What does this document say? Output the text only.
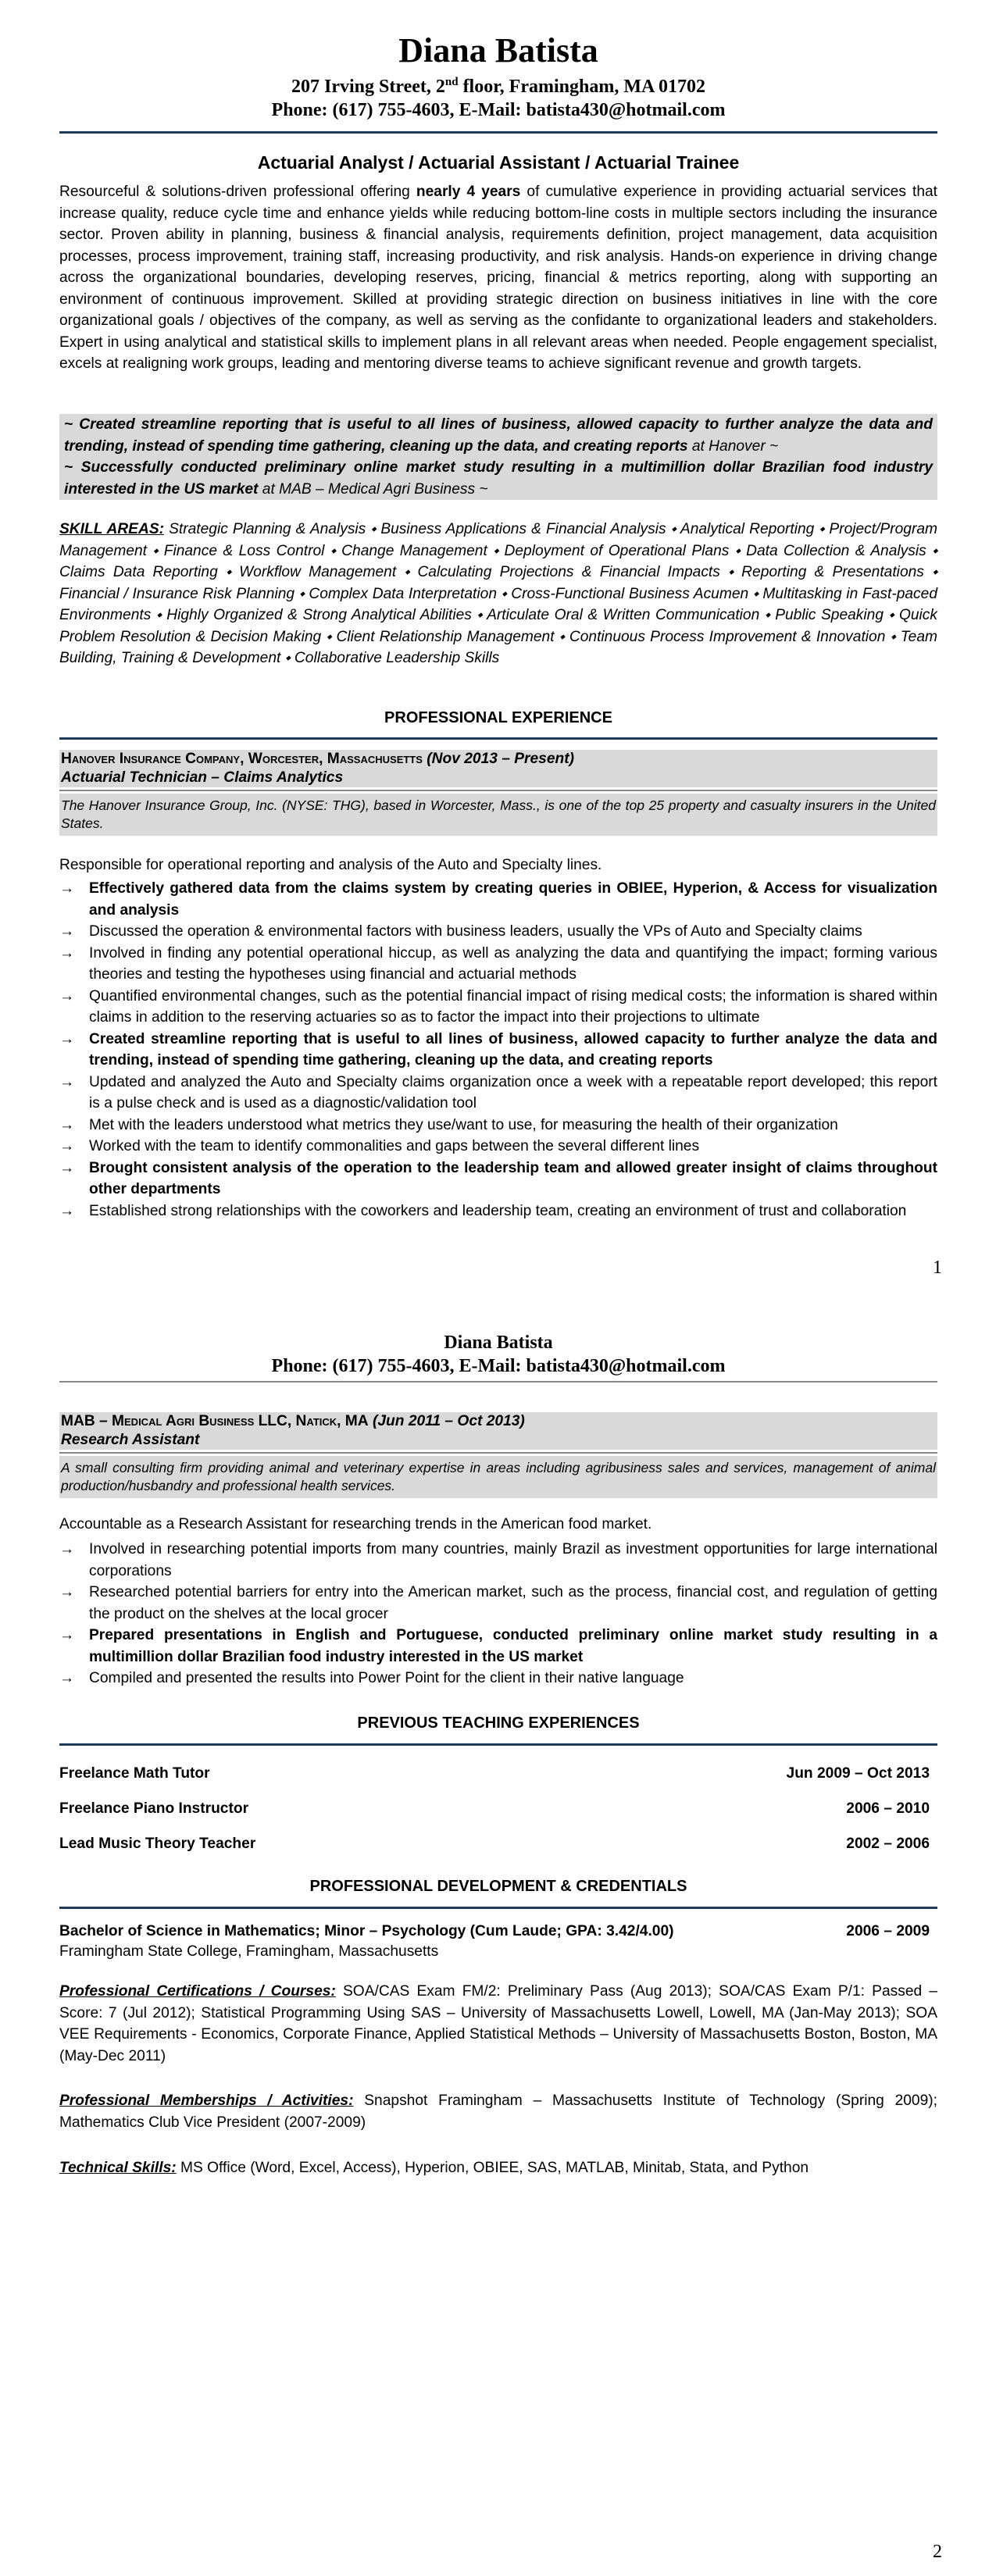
Diana Batista
207 Irving Street, 2nd floor, Framingham, MA 01702
Phone: (617) 755-4603, E-Mail: batista430@hotmail.com
Actuarial Analyst / Actuarial Assistant / Actuarial Trainee
Resourceful & solutions-driven professional offering nearly 4 years of cumulative experience in providing actuarial services that increase quality, reduce cycle time and enhance yields while reducing bottom-line costs in multiple sectors including the insurance sector. Proven ability in planning, business & financial analysis, requirements definition, project management, data acquisition processes, process improvement, training staff, increasing productivity, and risk analysis. Hands-on experience in driving change across the organizational boundaries, developing reserves, pricing, financial & metrics reporting, along with supporting an environment of continuous improvement. Skilled at providing strategic direction on business initiatives in line with the core organizational goals / objectives of the company, as well as serving as the confidante to organizational leaders and stakeholders. Expert in using analytical and statistical skills to implement plans in all relevant areas when needed. People engagement specialist, excels at realigning work groups, leading and mentoring diverse teams to achieve significant revenue and growth targets.
~ Created streamline reporting that is useful to all lines of business, allowed capacity to further analyze the data and trending, instead of spending time gathering, cleaning up the data, and creating reports at Hanover ~
~ Successfully conducted preliminary online market study resulting in a multimillion dollar Brazilian food industry interested in the US market at MAB – Medical Agri Business ~
SKILL AREAS: Strategic Planning & Analysis ⬩ Business Applications & Financial Analysis ⬩ Analytical Reporting ⬩ Project/Program Management ⬩ Finance & Loss Control ⬩ Change Management ⬩ Deployment of Operational Plans ⬩ Data Collection & Analysis ⬩ Claims Data Reporting ⬩ Workflow Management ⬩ Calculating Projections & Financial Impacts ⬩ Reporting & Presentations ⬩ Financial / Insurance Risk Planning ⬩ Complex Data Interpretation ⬩ Cross-Functional Business Acumen ⬩ Multitasking in Fast-paced Environments ⬩ Highly Organized & Strong Analytical Abilities ⬩ Articulate Oral & Written Communication ⬩ Public Speaking ⬩ Quick Problem Resolution & Decision Making ⬩ Client Relationship Management ⬩ Continuous Process Improvement & Innovation ⬩ Team Building, Training & Development ⬩ Collaborative Leadership Skills
PROFESSIONAL EXPERIENCE
Hanover Insurance Company, Worcester, Massachusetts (Nov 2013 – Present)
Actuarial Technician – Claims Analytics
The Hanover Insurance Group, Inc. (NYSE: THG), based in Worcester, Mass., is one of the top 25 property and casualty insurers in the United States.
Responsible for operational reporting and analysis of the Auto and Specialty lines.
→ Effectively gathered data from the claims system by creating queries in OBIEE, Hyperion, & Access for visualization and analysis
→ Discussed the operation & environmental factors with business leaders, usually the VPs of Auto and Specialty claims
→ Involved in finding any potential operational hiccup, as well as analyzing the data and quantifying the impact; forming various theories and testing the hypotheses using financial and actuarial methods
→ Quantified environmental changes, such as the potential financial impact of rising medical costs; the information is shared within claims in addition to the reserving actuaries so as to factor the impact into their projections to ultimate
→ Created streamline reporting that is useful to all lines of business, allowed capacity to further analyze the data and trending, instead of spending time gathering, cleaning up the data, and creating reports
→ Updated and analyzed the Auto and Specialty claims organization once a week with a repeatable report developed; this report is a pulse check and is used as a diagnostic/validation tool
→ Met with the leaders understood what metrics they use/want to use, for measuring the health of their organization
→ Worked with the team to identify commonalities and gaps between the several different lines
→ Brought consistent analysis of the operation to the leadership team and allowed greater insight of claims throughout other departments
→ Established strong relationships with the coworkers and leadership team, creating an environment of trust and collaboration
1
Diana Batista
Phone: (617) 755-4603, E-Mail: batista430@hotmail.com
MAB – Medical Agri Business LLC, Natick, MA (Jun 2011 – Oct 2013)
Research Assistant
A small consulting firm providing animal and veterinary expertise in areas including agribusiness sales and services, management of animal production/husbandry and professional health services.
Accountable as a Research Assistant for researching trends in the American food market.
→ Involved in researching potential imports from many countries, mainly Brazil as investment opportunities for large international corporations
→ Researched potential barriers for entry into the American market, such as the process, financial cost, and regulation of getting the product on the shelves at the local grocer
→ Prepared presentations in English and Portuguese, conducted preliminary online market study resulting in a multimillion dollar Brazilian food industry interested in the US market
→ Compiled and presented the results into Power Point for the client in their native language
PREVIOUS TEACHING EXPERIENCES
Freelance Math Tutor	Jun 2009 – Oct 2013
Freelance Piano Instructor	2006 – 2010
Lead Music Theory Teacher	2002 – 2006
PROFESSIONAL DEVELOPMENT & CREDENTIALS
Bachelor of Science in Mathematics; Minor – Psychology (Cum Laude; GPA: 3.42/4.00)	2006 – 2009
Framingham State College, Framingham, Massachusetts
Professional Certifications / Courses: SOA/CAS Exam FM/2: Preliminary Pass (Aug 2013); SOA/CAS Exam P/1: Passed – Score: 7 (Jul 2012); Statistical Programming Using SAS – University of Massachusetts Lowell, Lowell, MA (Jan-May 2013); SOA VEE Requirements - Economics, Corporate Finance, Applied Statistical Methods – University of Massachusetts Boston, Boston, MA (May-Dec 2011)
Professional Memberships / Activities: Snapshot Framingham – Massachusetts Institute of Technology (Spring 2009); Mathematics Club Vice President (2007-2009)
Technical Skills: MS Office (Word, Excel, Access), Hyperion, OBIEE, SAS, MATLAB, Minitab, Stata, and Python
2
